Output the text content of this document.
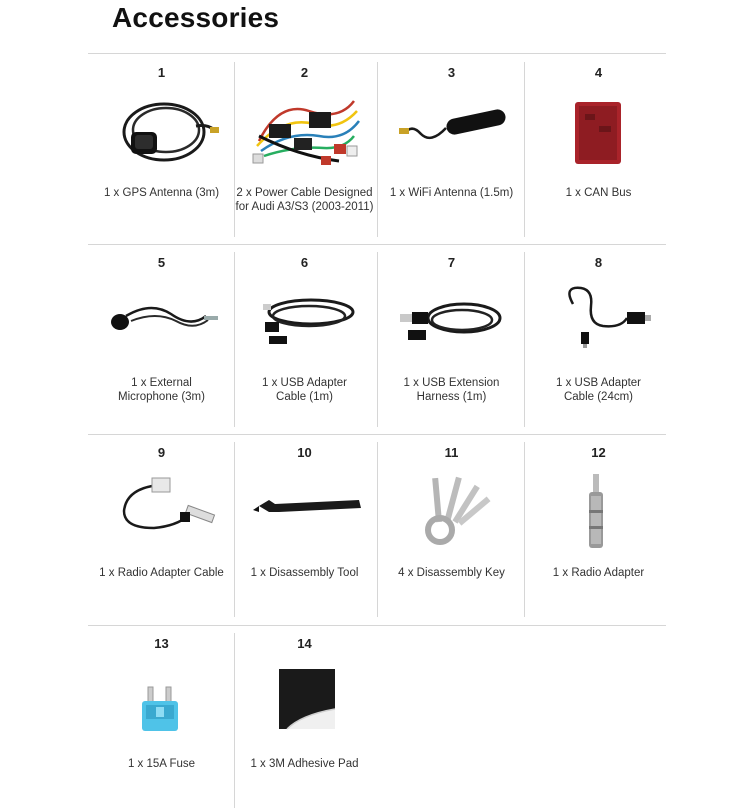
Accessories
1
1 x GPS Antenna (3m)
2
2 x Power Cable Designed
for Audi A3/S3 (2003-2011)
3
1 x WiFi Antenna (1.5m)
4
1 x CAN Bus
5
1 x External
Microphone (3m)
6
1 x USB Adapter
Cable (1m)
7
1 x USB Extension
Harness (1m)
8
1 x USB Adapter
Cable (24cm)
9
1 x Radio Adapter Cable
10
1 x Disassembly Tool
11
4 x Disassembly Key
12
1 x Radio Adapter
13
1 x 15A Fuse
14
1 x 3M Adhesive Pad
